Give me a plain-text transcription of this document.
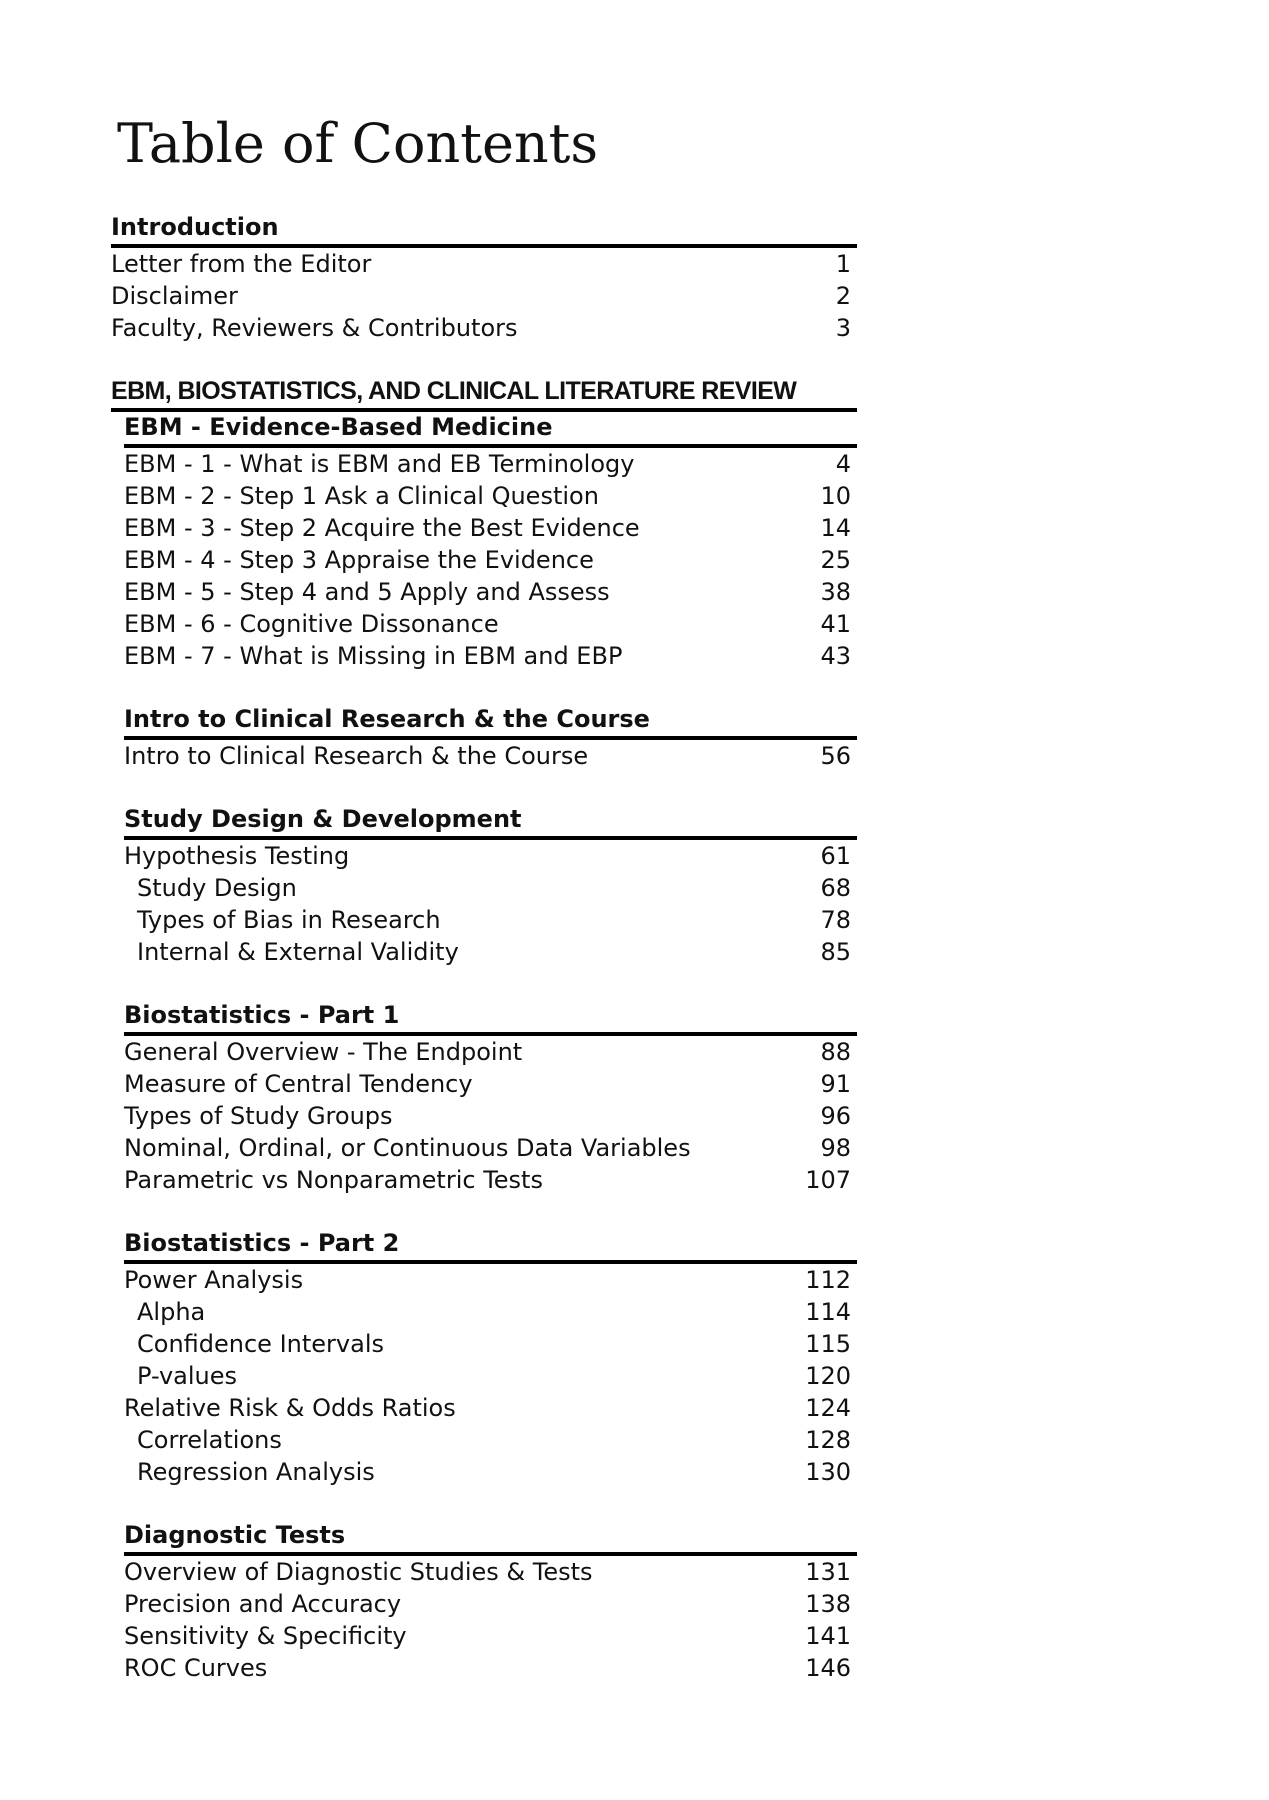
Table of Contents
Introduction
Letter from the Editor	1
Disclaimer	2
Faculty, Reviewers & Contributors	3
EBM, BIOSTATISTICS, AND CLINICAL LITERATURE REVIEW
EBM - Evidence-Based Medicine
EBM - 1 - What is EBM and EB Terminology	4
EBM - 2 - Step 1 Ask a Clinical Question	10
EBM - 3 - Step 2 Acquire the Best Evidence	14
EBM - 4 - Step 3 Appraise the Evidence	25
EBM - 5 - Step 4 and 5 Apply and Assess	38
EBM - 6 - Cognitive Dissonance	41
EBM - 7 - What is Missing in EBM and EBP	43
Intro to Clinical Research & the Course
Intro to Clinical Research & the Course	56
Study Design & Development
Hypothesis Testing	61
Study Design	68
Types of Bias in Research	78
Internal & External Validity	85
Biostatistics - Part 1
General Overview - The Endpoint	88
Measure of Central Tendency	91
Types of Study Groups	96
Nominal, Ordinal, or Continuous Data Variables	98
Parametric vs Nonparametric Tests	107
Biostatistics - Part 2
Power Analysis	112
Alpha	114
Confidence Intervals	115
P-values	120
Relative Risk & Odds Ratios	124
Correlations	128
Regression Analysis	130
Diagnostic Tests
Overview of Diagnostic Studies & Tests	131
Precision and Accuracy	138
Sensitivity & Specificity	141
ROC Curves	146
